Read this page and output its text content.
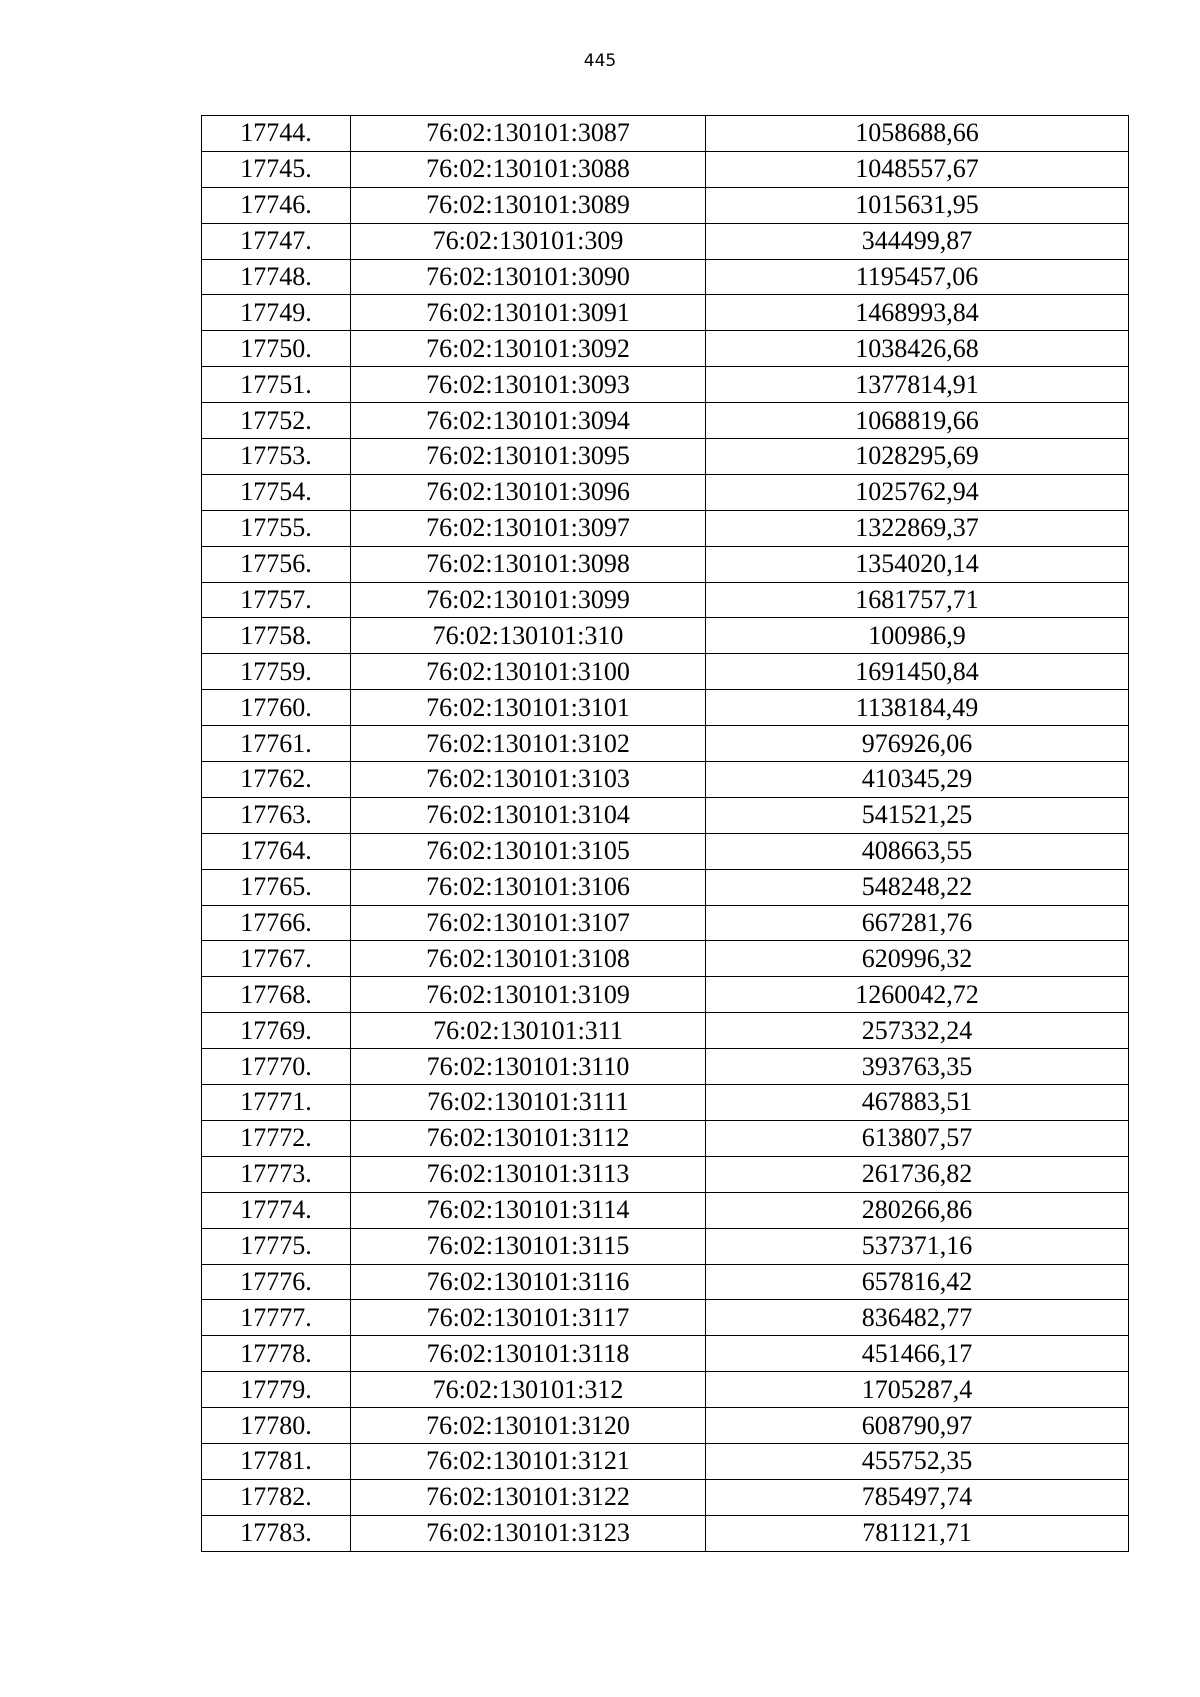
445
17744.	76:02:130101:3087	1058688,66
17745.	76:02:130101:3088	1048557,67
17746.	76:02:130101:3089	1015631,95
17747.	76:02:130101:309	344499,87
17748.	76:02:130101:3090	1195457,06
17749.	76:02:130101:3091	1468993,84
17750.	76:02:130101:3092	1038426,68
17751.	76:02:130101:3093	1377814,91
17752.	76:02:130101:3094	1068819,66
17753.	76:02:130101:3095	1028295,69
17754.	76:02:130101:3096	1025762,94
17755.	76:02:130101:3097	1322869,37
17756.	76:02:130101:3098	1354020,14
17757.	76:02:130101:3099	1681757,71
17758.	76:02:130101:310	100986,9
17759.	76:02:130101:3100	1691450,84
17760.	76:02:130101:3101	1138184,49
17761.	76:02:130101:3102	976926,06
17762.	76:02:130101:3103	410345,29
17763.	76:02:130101:3104	541521,25
17764.	76:02:130101:3105	408663,55
17765.	76:02:130101:3106	548248,22
17766.	76:02:130101:3107	667281,76
17767.	76:02:130101:3108	620996,32
17768.	76:02:130101:3109	1260042,72
17769.	76:02:130101:311	257332,24
17770.	76:02:130101:3110	393763,35
17771.	76:02:130101:3111	467883,51
17772.	76:02:130101:3112	613807,57
17773.	76:02:130101:3113	261736,82
17774.	76:02:130101:3114	280266,86
17775.	76:02:130101:3115	537371,16
17776.	76:02:130101:3116	657816,42
17777.	76:02:130101:3117	836482,77
17778.	76:02:130101:3118	451466,17
17779.	76:02:130101:312	1705287,4
17780.	76:02:130101:3120	608790,97
17781.	76:02:130101:3121	455752,35
17782.	76:02:130101:3122	785497,74
17783.	76:02:130101:3123	781121,71
